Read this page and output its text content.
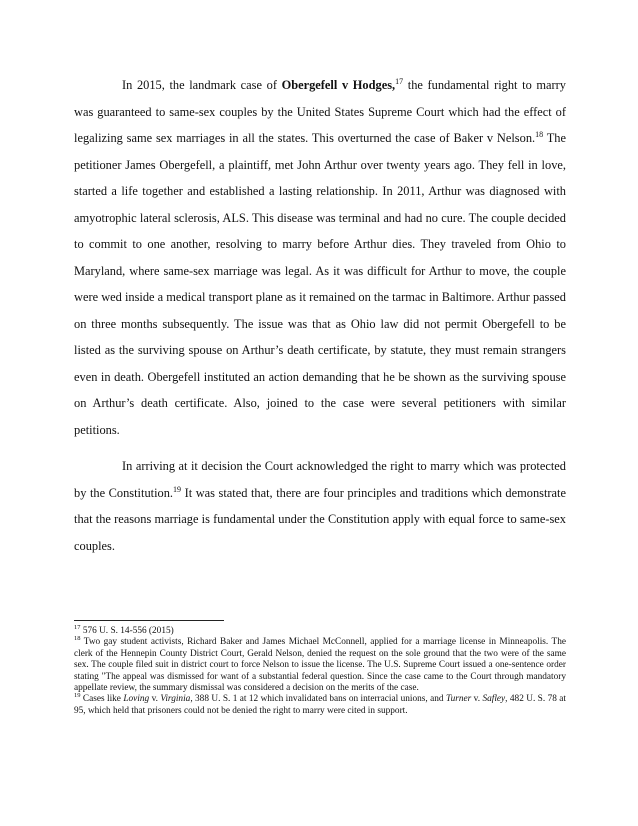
In 2015, the landmark case of Obergefell v Hodges,$^{17}$ the fundamental right to marry was guaranteed to same-sex couples by the United States Supreme Court which had the effect of legalizing same sex marriages in all the states. This overturned the case of Baker v Nelson.$^{18}$ The petitioner James Obergefell, a plaintiff, met John Arthur over twenty years ago. They fell in love, started a life together and established a lasting relationship. In 2011, Arthur was diagnosed with amyotrophic lateral sclerosis, ALS. This disease was terminal and had no cure. The couple decided to commit to one another, resolving to marry before Arthur dies. They traveled from Ohio to Maryland, where same-sex marriage was legal. As it was difficult for Arthur to move, the couple were wed inside a medical transport plane as it remained on the tarmac in Baltimore. Arthur passed on three months subsequently. The issue was that as Ohio law did not permit Obergefell to be listed as the surviving spouse on Arthur’s death certificate, by statute, they must remain strangers even in death. Obergefell instituted an action demanding that he be shown as the surviving spouse on Arthur’s death certificate. Also, joined to the case were several petitioners with similar petitions.

In arriving at it decision the Court acknowledged the right to marry which was protected by the Constitution.$^{19}$ It was stated that, there are four principles and traditions which demonstrate that the reasons marriage is fundamental under the Constitution apply with equal force to same-sex couples.

$^{17}$ 576 U. S. 14-556 (2015)

$^{18}$ Two gay student activists, Richard Baker and James Michael McConnell, applied for a marriage license in Minneapolis. The clerk of the Hennepin County District Court, Gerald Nelson, denied the request on the sole ground that the two were of the same sex. The couple filed suit in district court to force Nelson to issue the license. The U.S. Supreme Court issued a one-sentence order stating "The appeal was dismissed for want of a substantial federal question. Since the case came to the Court through mandatory appellate review, the summary dismissal was considered a decision on the merits of the case.

$^{19}$ Cases like Loving v. Virginia, 388 U. S. 1 at 12 which invalidated bans on interracial unions, and Turner v. Safley, 482 U. S. 78 at 95, which held that prisoners could not be denied the right to marry were cited in support.
